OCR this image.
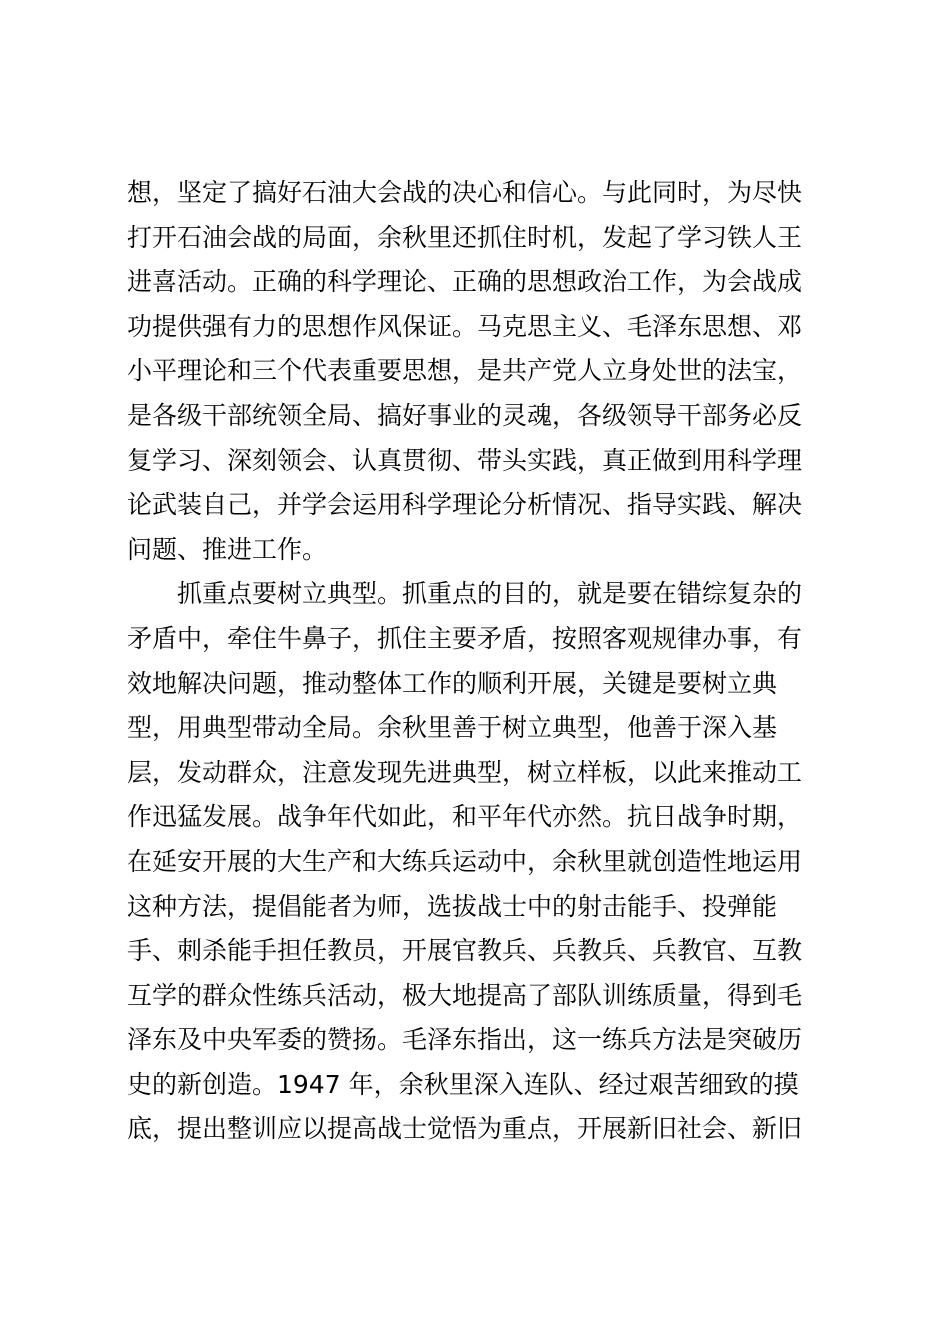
想，坚定了搞好石油大会战的决心和信心。与此同时，为尽快
打开石油会战的局面，余秋里还抓住时机，发起了学习铁人王
进喜活动。正确的科学理论、正确的思想政治工作，为会战成
功提供强有力的思想作风保证。马克思主义、毛泽东思想、邓
小平理论和三个代表重要思想，是共产党人立身处世的法宝，
是各级干部统领全局、搞好事业的灵魂，各级领导干部务必反
复学习、深刻领会、认真贯彻、带头实践，真正做到用科学理
论武装自己，并学会运用科学理论分析情况、指导实践、解决
问题、推进工作。
　　抓重点要树立典型。抓重点的目的，就是要在错综复杂的
矛盾中，牵住牛鼻子，抓住主要矛盾，按照客观规律办事，有
效地解决问题，推动整体工作的顺利开展，关键是要树立典
型，用典型带动全局。余秋里善于树立典型，他善于深入基
层，发动群众，注意发现先进典型，树立样板，以此来推动工
作迅猛发展。战争年代如此，和平年代亦然。抗日战争时期，
在延安开展的大生产和大练兵运动中，余秋里就创造性地运用
这种方法，提倡能者为师，选拔战士中的射击能手、投弹能
手、刺杀能手担任教员，开展官教兵、兵教兵、兵教官、互教
互学的群众性练兵活动，极大地提高了部队训练质量，得到毛
泽东及中央军委的赞扬。毛泽东指出，这一练兵方法是突破历
史的新创造。1947 年，余秋里深入连队、经过艰苦细致的摸
底，提出整训应以提高战士觉悟为重点，开展新旧社会、新旧
